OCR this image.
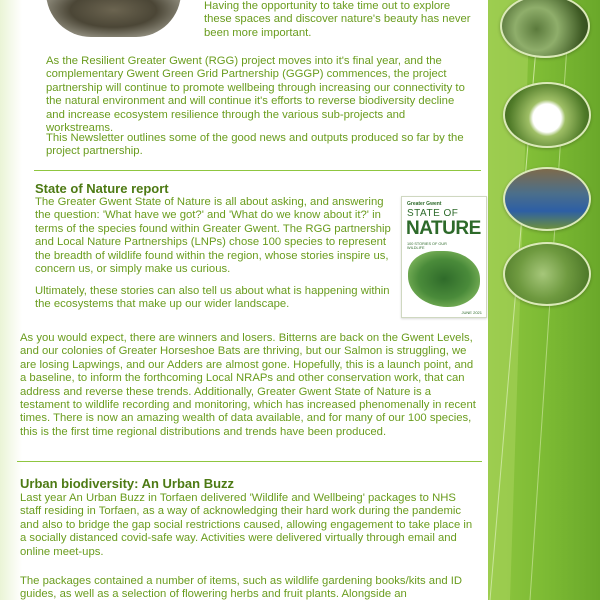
Having the opportunity to take time out to explore these spaces and discover nature's beauty has never been more important.

As the Resilient Greater Gwent (RGG) project moves into it's final year, and the complementary Gwent Green Grid Partnership (GGGP) commences, the project partnership will continue to promote wellbeing through increasing our connectivity to the natural environment and will continue it's efforts to reverse biodiversity decline and increase ecosystem resilience through the various sub-projects and workstreams.

This Newsletter outlines some of the good news and outputs produced so far by the project partnership.

State of Nature report

The Greater Gwent State of Nature is all about asking, and answering the question: 'What have we got?' and 'What do we know about it?' in terms of the species found within Greater Gwent. The RGG partnership and Local Nature Partnerships (LNPs) chose 100 species to represent the breadth of wildlife found within the region, whose stories inspire us, concern us, or simply make us curious.

Ultimately, these stories can also tell us about what is happening within the ecosystems that make up our wider landscape.

Greater Gwent
STATE OF
NATURE
100 STORIES OF OUR WILDLIFE
JUNE 2021

As you would expect, there are winners and losers. Bitterns are back on the Gwent Levels, and our colonies of Greater Horseshoe Bats are thriving, but our Salmon is struggling, we are losing Lapwings, and our Adders are almost gone. Hopefully, this is a launch point, and a baseline, to inform the forthcoming Local NRAPs and other conservation work, that can address and reverse these trends. Additionally, Greater Gwent State of Nature is a testament to wildlife recording and monitoring, which has increased phenomenally in recent times. There is now an amazing wealth of data available, and for many of our 100 species, this is the first time regional distributions and trends have been produced.

Urban biodiversity: An Urban Buzz

Last year An Urban Buzz in Torfaen delivered 'Wildlife and Wellbeing' packages to NHS staff residing in Torfaen, as a way of acknowledging their hard work during the pandemic and also to bridge the gap social restrictions caused, allowing engagement to take place in a socially distanced covid-safe way. Activities were delivered virtually through email and online meet-ups.

The packages contained a number of items, such as wildlife gardening books/kits and ID guides, as well as a selection of flowering herbs and fruit plants. Alongside an
